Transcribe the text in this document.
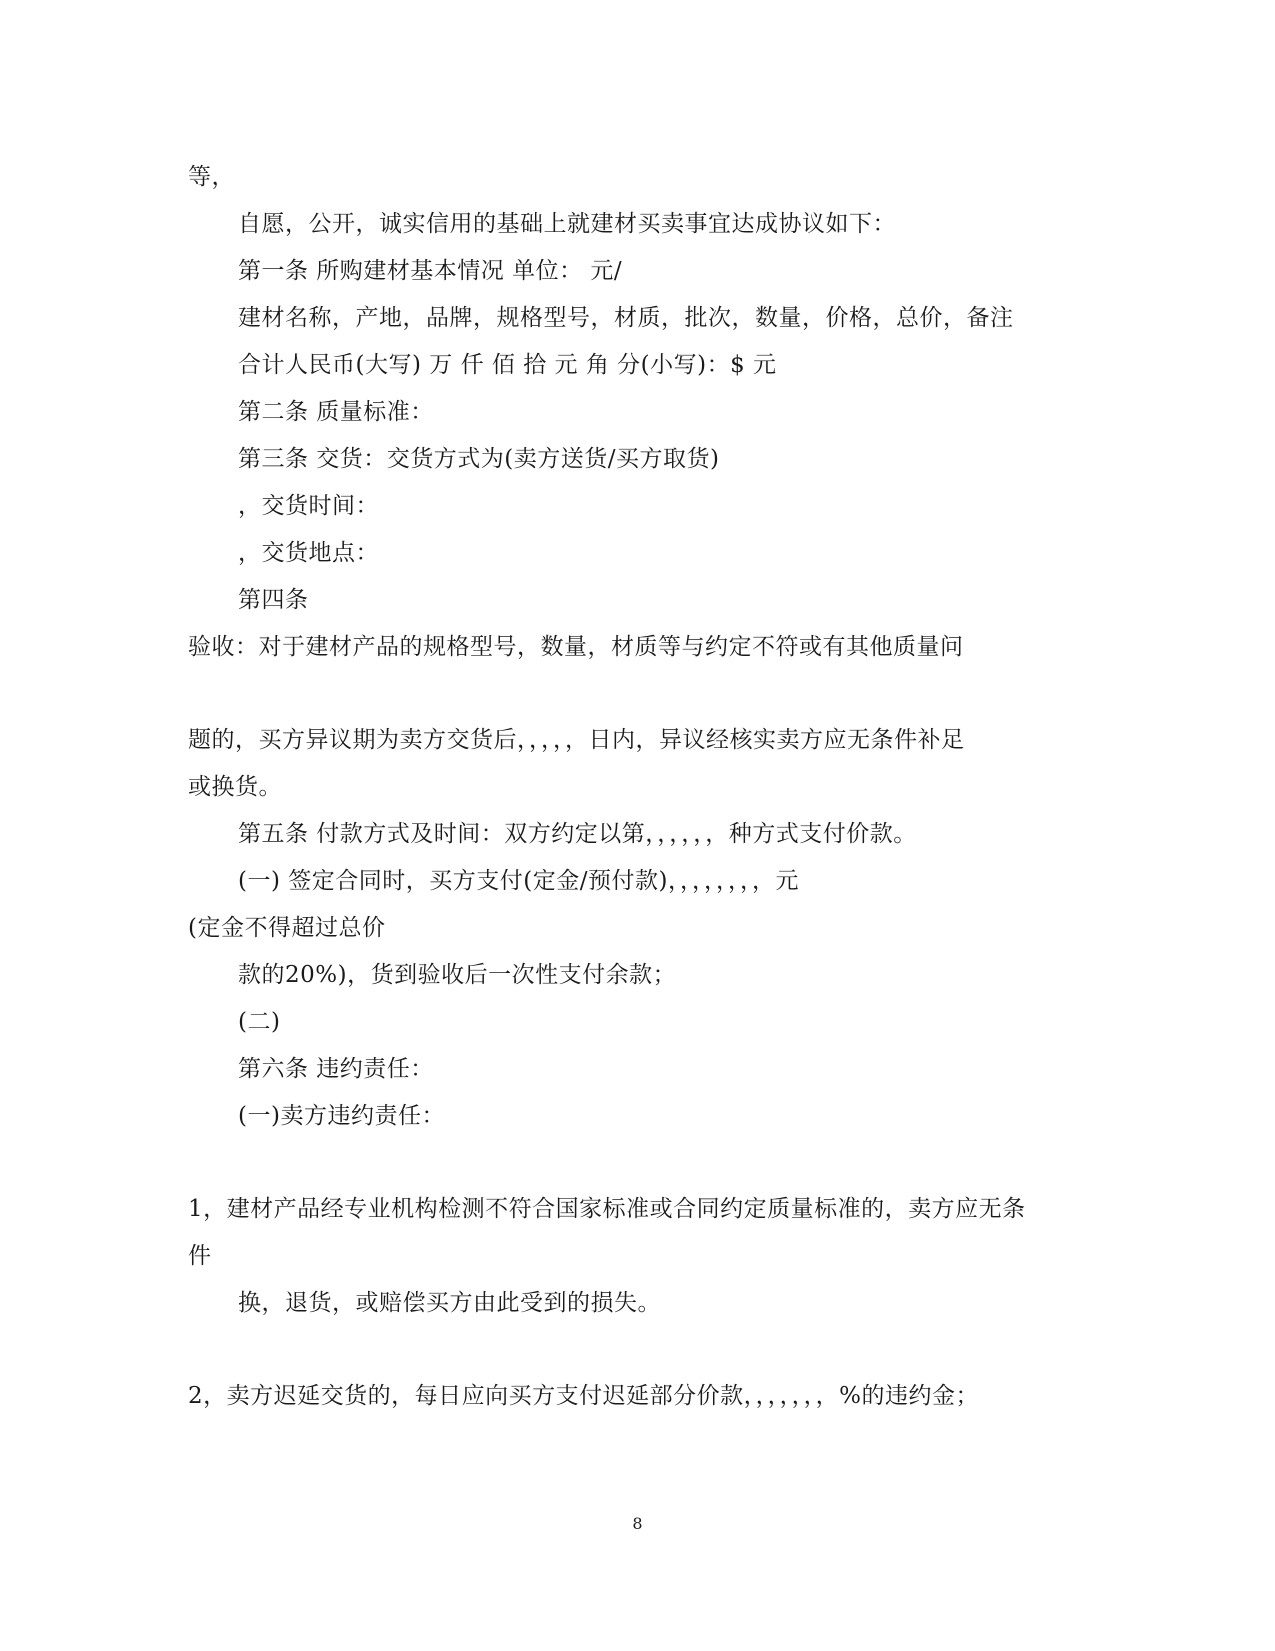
等，
自愿，公开，诚实信用的基础上就建材买卖事宜达成协议如下：
第一条 所购建材基本情况 单位： 元/
建材名称，产地，品牌，规格型号，材质，批次，数量，价格，总价，备注
合计人民币(大写) 万 仟 佰 拾 元 角 分(小写)：$ 元
第二条 质量标准：
第三条 交货：交货方式为(卖方送货/买方取货)
，交货时间：
，交货地点：
第四条
验收：对于建材产品的规格型号，数量，材质等与约定不符或有其他质量问
题的，买方异议期为卖方交货后，，，，，日内，异议经核实卖方应无条件补足
或换货。
第五条 付款方式及时间：双方约定以第，，，，，，种方式支付价款。
(一) 签定合同时，买方支付(定金/预付款)，，，，，，，，元
(定金不得超过总价
款的20%)，货到验收后一次性支付余款；
(二)
第六条 违约责任：
(一)卖方违约责任：
1，建材产品经专业机构检测不符合国家标准或合同约定质量标准的，卖方应无条
件
换，退货，或赔偿买方由此受到的损失。
2，卖方迟延交货的，每日应向买方支付迟延部分价款，，，，，，，%的违约金；
8
